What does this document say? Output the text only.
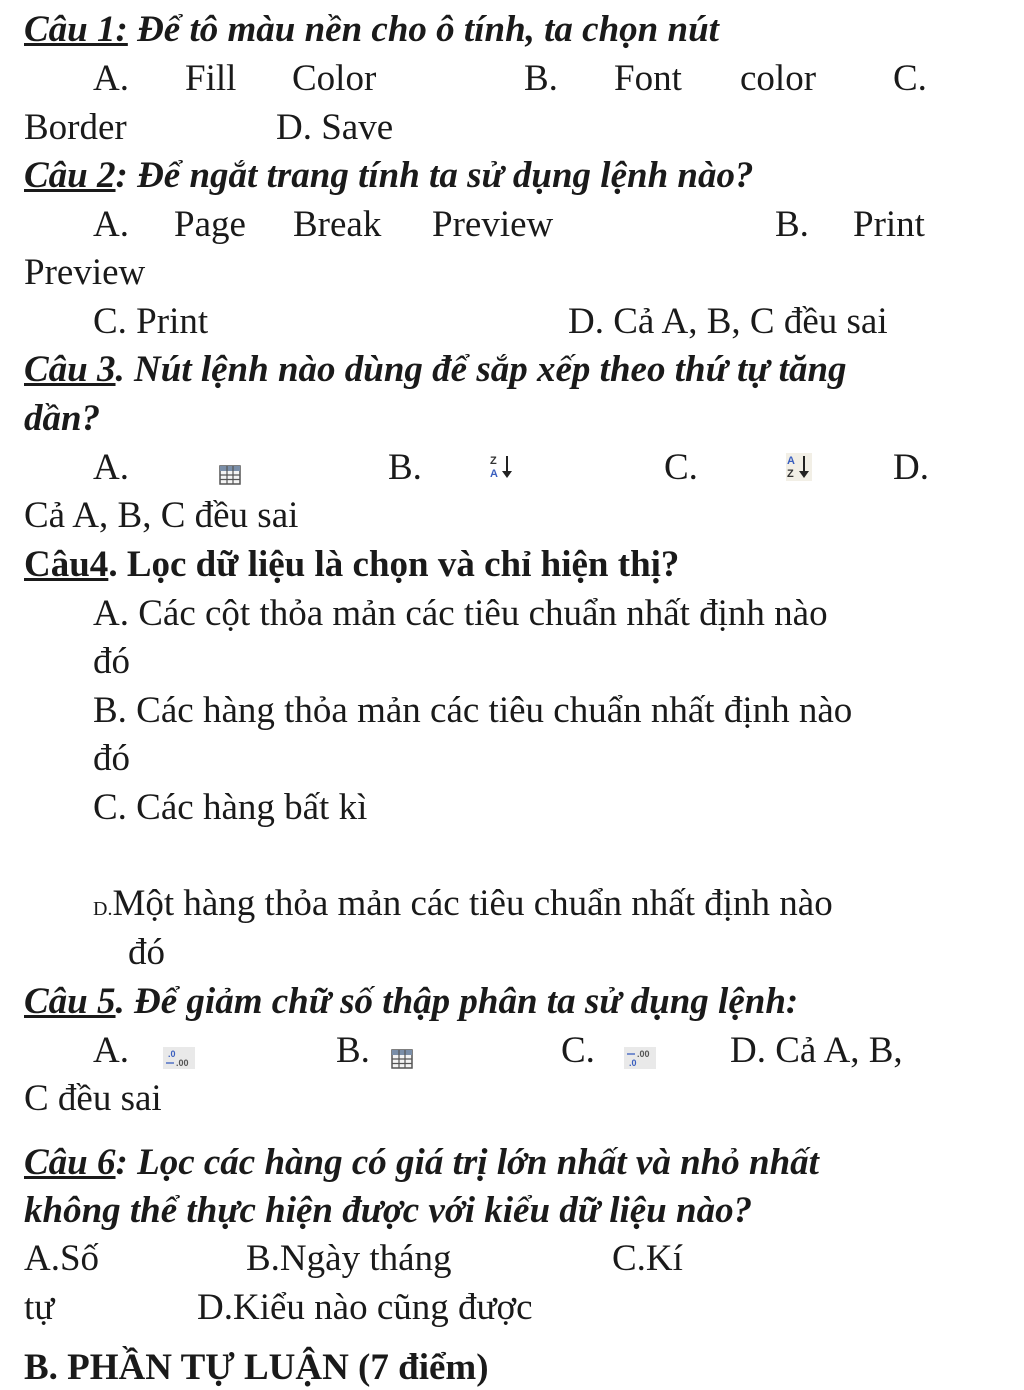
Câu 1: Để tô màu nền cho ô tính, ta chọn nút
A. Fill Color	B. Font color C.
Border	D. Save
Câu 2: Để ngắt trang tính ta sử dụng lệnh nào?
A. Page Break Preview	B. Print
Preview
C. Print	D. Cả A, B, C đều sai
Câu 3. Nút lệnh nào dùng để sắp xếp theo thứ tự tăng
dần?
A.	B.	Z
A	C.	A
Z	D.
Cả A, B, C đều sai
Câu4. Lọc dữ liệu là chọn và chỉ hiện thị?
A. Các cột thỏa mản các tiêu chuẩn nhất định nào
đó
B. Các hàng thỏa mản các tiêu chuẩn nhất định nào
đó
C. Các hàng bất kì
D.Một hàng thỏa mản các tiêu chuẩn nhất định nào
đó
Câu 5. Để giảm chữ số thập phân ta sử dụng lệnh:
A.	.0
.00	B.	C.	.00
.0	D. Cả A, B,
C đều sai
Câu 6: Lọc các hàng có giá trị lớn nhất và nhỏ nhất
không thể thực hiện được với kiểu dữ liệu nào?
A.Số	B.Ngày tháng	C.Kí
tự	D.Kiểu nào cũng được
B. PHẦN TỰ LUẬN (7 điểm)
